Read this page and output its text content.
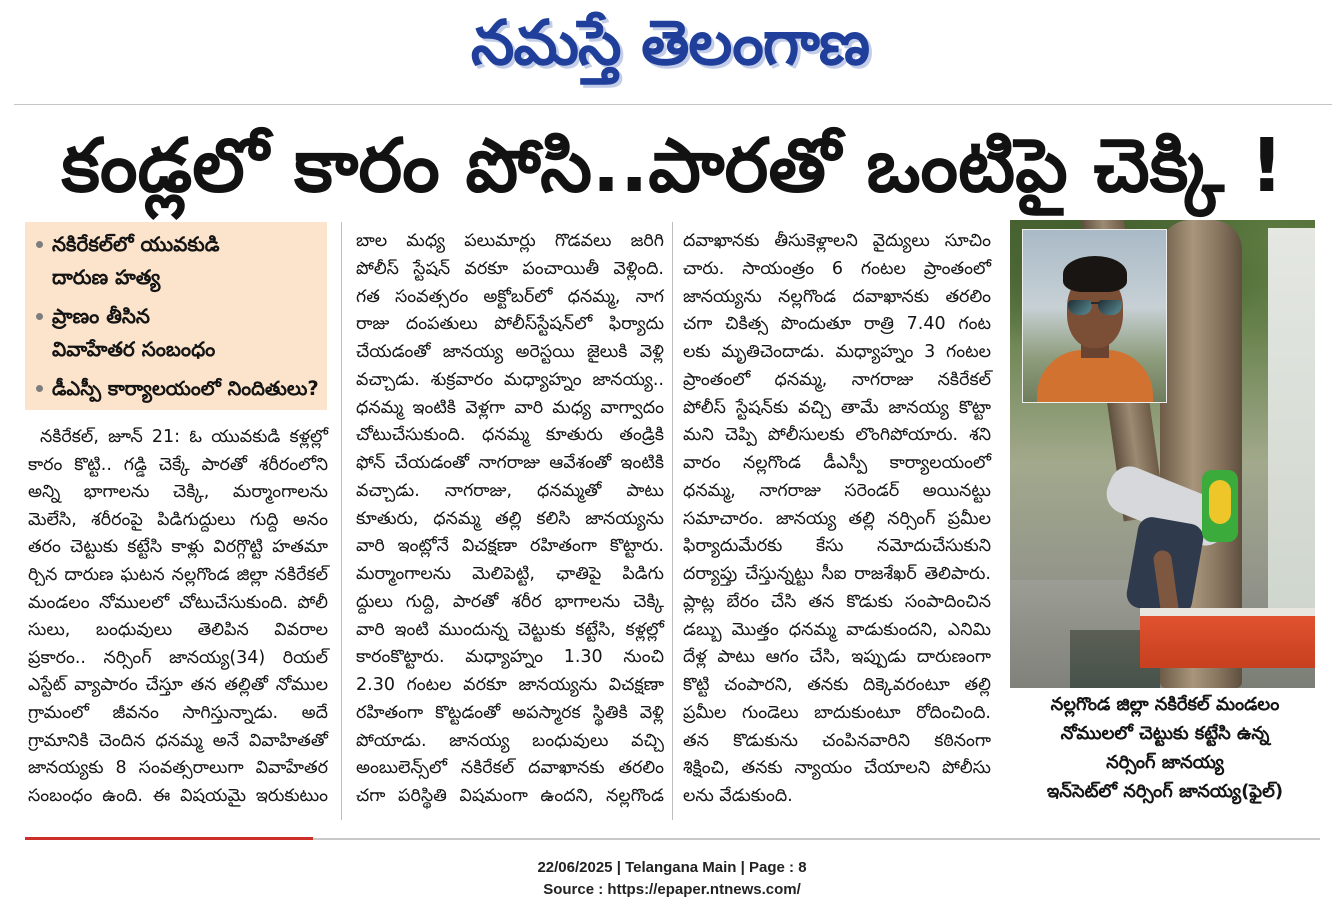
నమస్తే తెలంగాణ
కండ్లలో కారం పోసి..పారతో ఒంటిపై చెక్కి !
నకిరేకల్‌లో యువకుడి
దారుణ హత్య
ప్రాణం తీసిన
వివాహేతర సంబంధం
డీఎస్పీ కార్యాలయంలో నిందితులు?
నకిరేకల్, జూన్ 21: ఓ యువకుడి కళ్లల్లో
కారం కొట్టి.. గడ్డి చెక్కే పారతో శరీరంలోని
అన్ని భాగాలను చెక్కి, మర్మాంగాలను
మెలేసి, శరీరంపై పిడిగుద్దులు గుద్ది అనం
తరం చెట్టుకు కట్టేసి కాళ్లు విరగ్గొట్టి హతమా
ర్చిన దారుణ ఘటన నల్లగొండ జిల్లా నకిరేకల్
మండలం నోములలో చోటుచేసుకుంది. పోలీ
సులు, బంధువులు తెలిపిన వివరాల
ప్రకారం.. నర్సింగ్ జానయ్య(34) రియల్
ఎస్టేట్ వ్యాపారం చేస్తూ తన తల్లితో నోముల
గ్రామంలో జీవనం సాగిస్తున్నాడు. అదే
గ్రామానికి చెందిన ధనమ్మ అనే వివాహితతో
జానయ్యకు 8 సంవత్సరాలుగా వివాహేతర
సంబంధం ఉంది. ఈ విషయమై ఇరుకుటుం
బాల మధ్య పలుమార్లు గొడవలు జరిగి
పోలీస్ స్టేషన్ వరకూ పంచాయితీ వెళ్లింది.
గత సంవత్సరం అక్టోబర్‌లో ధనమ్మ, నాగ
రాజు దంపతులు పోలీస్‌స్టేషన్‌లో ఫిర్యాదు
చేయడంతో జానయ్య అరెస్టయి జైలుకి వెళ్లి
వచ్చాడు. శుక్రవారం మధ్యాహ్నం జానయ్య..
ధనమ్మ ఇంటికి వెళ్లగా వారి మధ్య వాగ్వాదం
చోటుచేసుకుంది. ధనమ్మ కూతురు తండ్రికి
ఫోన్ చేయడంతో నాగరాజు ఆవేశంతో ఇంటికి
వచ్చాడు. నాగరాజు, ధనమ్మతో పాటు
కూతురు, ధనమ్మ తల్లి కలిసి జానయ్యను
వారి ఇంట్లోనే విచక్షణా రహితంగా కొట్టారు.
మర్మాంగాలను మెలిపెట్టి, ఛాతిపై పిడిగు
ద్దులు గుద్ది, పారతో శరీర భాగాలను చెక్కి
వారి ఇంటి ముందున్న చెట్టుకు కట్టేసి, కళ్లల్లో
కారంకొట్టారు. మధ్యాహ్నం 1.30 నుంచి
2.30 గంటల వరకూ జానయ్యను విచక్షణా
రహితంగా కొట్టడంతో అపస్మారక స్థితికి వెళ్లి
పోయాడు. జానయ్య బంధువులు వచ్చి
అంబులెన్స్‌లో నకిరేకల్ దవాఖానకు తరలిం
చగా పరిస్థితి విషమంగా ఉందని, నల్లగొండ
దవాఖానకు తీసుకెళ్లాలని వైద్యులు సూచిం
చారు. సాయంత్రం 6 గంటల ప్రాంతంలో
జానయ్యను నల్లగొండ దవాఖానకు తరలిం
చగా చికిత్స పొందుతూ రాత్రి 7.40 గంట
లకు మృతిచెందాడు. మధ్యాహ్నం 3 గంటల
ప్రాంతంలో ధనమ్మ, నాగరాజు నకిరేకల్
పోలీస్ స్టేషన్‌కు వచ్చి తామే జానయ్య కొట్టా
మని చెప్పి పోలీసులకు లొంగిపోయారు. శని
వారం నల్లగొండ డీఎస్పీ కార్యాలయంలో
ధనమ్మ, నాగరాజు సరెండర్ అయినట్టు
సమాచారం. జానయ్య తల్లి నర్సింగ్ ప్రమీల
ఫిర్యాదుమేరకు కేసు నమోదుచేసుకుని
దర్యాప్తు చేస్తున్నట్టు సీఐ రాజశేఖర్ తెలిపారు.
ప్లాట్ల బేరం చేసి తన కొడుకు సంపాదించిన
డబ్బు మొత్తం ధనమ్మ వాడుకుందని, ఎనిమి
దేళ్ల పాటు ఆగం చేసి, ఇప్పుడు దారుణంగా
కొట్టి చంపారని, తనకు దిక్కెవరంటూ తల్లి
ప్రమీల గుండెలు బాదుకుంటూ రోదించింది.
తన కొడుకును చంపినవారిని కఠినంగా
శిక్షించి, తనకు న్యాయం చేయాలని పోలీసు
లను వేడుకుంది.
నల్లగొండ జిల్లా నకిరేకల్ మండలం
నోములలో చెట్టుకు కట్టేసి ఉన్న
నర్సింగ్ జానయ్య
ఇన్‌సెట్‌లో నర్సింగ్ జానయ్య(ఫైల్)
22/06/2025 | Telangana Main | Page : 8
Source : https://epaper.ntnews.com/
